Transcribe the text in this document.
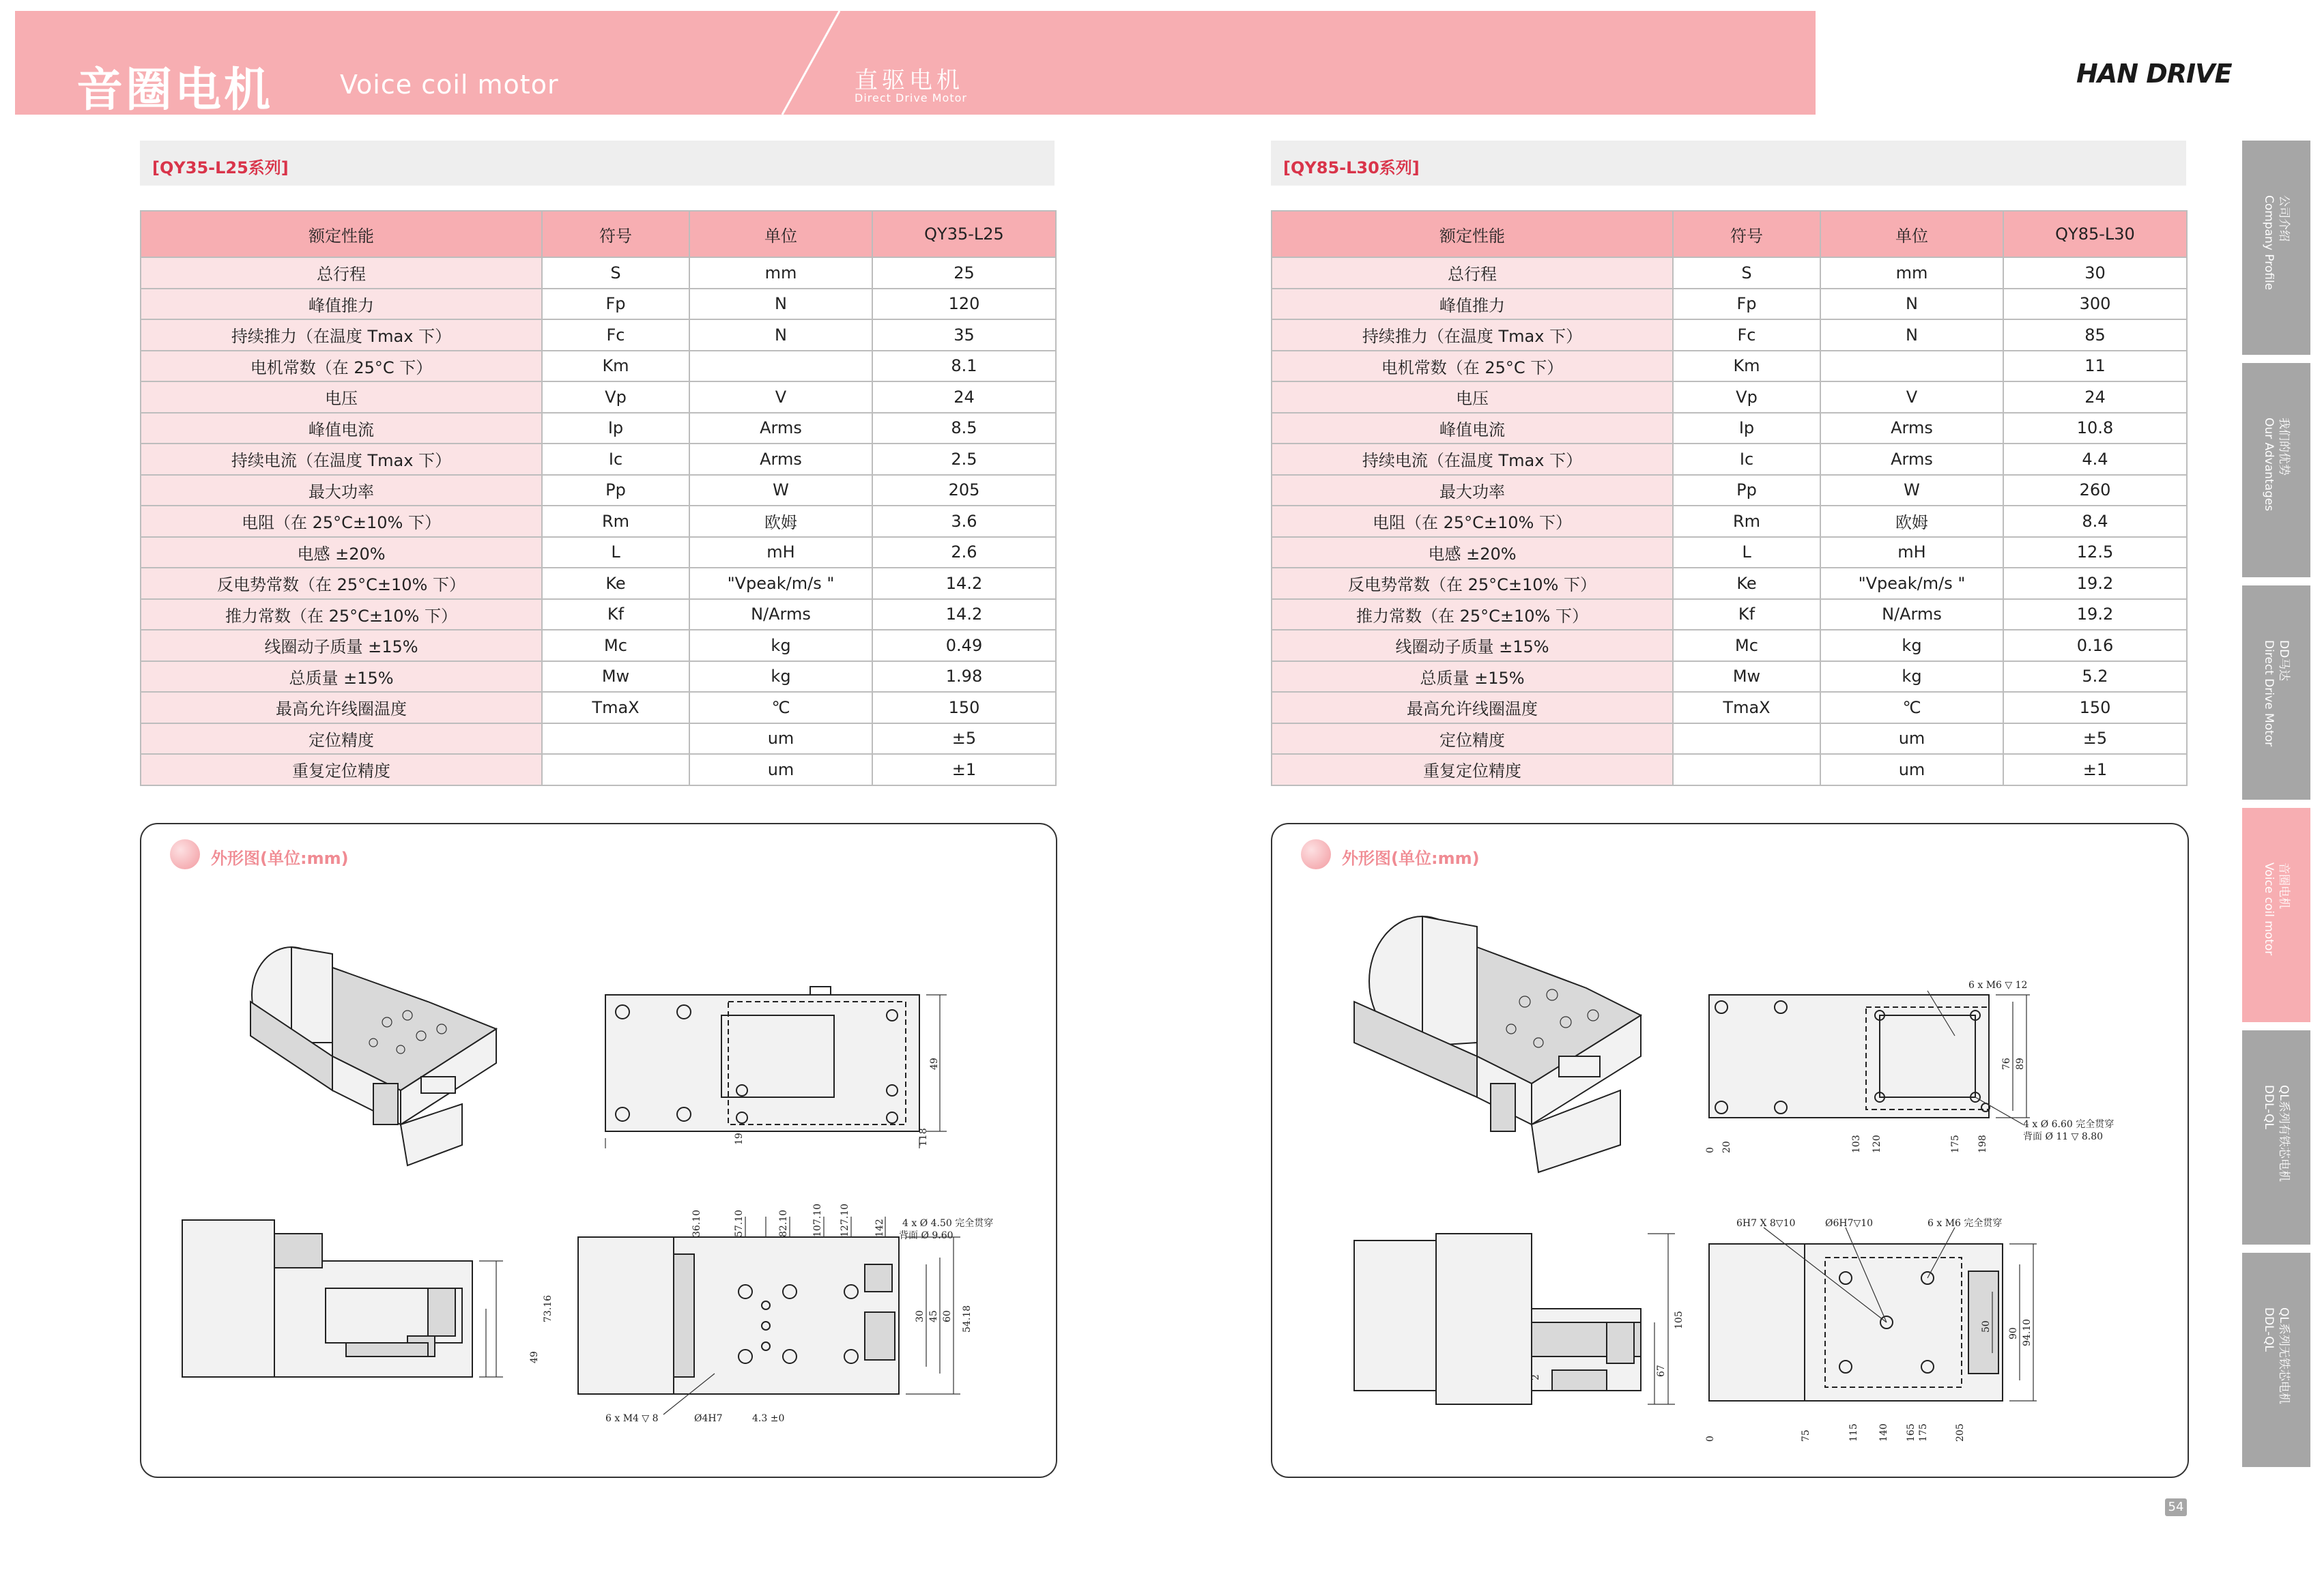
音圈电机	Voice coil motor	直驱电机
Direct Drive Motor
HAN DRIVE
[QY35-L25系列]
额定性能	符号	单位	QY35-L25
总行程	S	mm	25
峰值推力	Fp	N	120
持续推力（在温度 Tmax 下）	Fc	N	35
电机常数（在 25°C 下）	Km		8.1
电压	Vp	V	24
峰值电流	Ip	Arms	8.5
持续电流（在温度 Tmax 下）	Ic	Arms	2.5
最大功率	Pp	W	205
电阻（在 25°C±10% 下）	Rm	欧姆	3.6
电感 ±20%	L	mH	2.6
反电势常数（在 25°C±10% 下）	Ke	"Vpeak/m/s "	14.2
推力常数（在 25°C±10% 下）	Kf	N/Arms	14.2
线圈动子质量 ±15%	Mc	kg	0.49
总质量 ±15%	Mw	kg	1.98
最高允许线圈温度	TmaX	℃	150
定位精度		um	±5
重复定位精度		um	±1
外形图(单位:mm)
19	118
49
73.16
49
36.10	57.10	82.10 107.10 127.10	142
30 45 60 54.18
4 x Ø 4.50 完全贯穿
背面 Ø 9.60
6 x M4 ▽ 8	Ø4H7	4.3 ±0
[QY85-L30系列]
额定性能	符号	单位	QY85-L30
总行程	S	mm	30
峰值推力	Fp	N	300
持续推力（在温度 Tmax 下）	Fc	N	85
电机常数（在 25°C 下）	Km		11
电压	Vp	V	24
峰值电流	Ip	Arms	10.8
持续电流（在温度 Tmax 下）	Ic	Arms	4.4
最大功率	Pp	W	260
电阻（在 25°C±10% 下）	Rm	欧姆	8.4
电感 ±20%	L	mH	12.5
反电势常数（在 25°C±10% 下）	Ke	"Vpeak/m/s "	19.2
推力常数（在 25°C±10% 下）	Kf	N/Arms	19.2
线圈动子质量 ±15%	Mc	kg	0.16
总质量 ±15%	Mw	kg	5.2
最高允许线圈温度	TmaX	℃	150
定位精度		um	±5
重复定位精度		um	±1
外形图(单位:mm)
76 89
6 x M6 ▽ 12
4 x Ø 6.60 完全贯穿
背面 Ø 11 ▽ 8.80
0 20	103 120	175 198
105
67
6H7 X 8▽10	Ø6H7▽10	6 x M6 完全贯穿
90 94.10
50
0	75	115 140 165 175	205
2
公司介绍
Company Profile
我们的优势
Our Advantages
DD马达
Direct Drive Motor
音圈电机
Voice coil motor
QL系列有铁芯电机
DDL-QL
QL系列无铁芯电机
DDL-QL
54
